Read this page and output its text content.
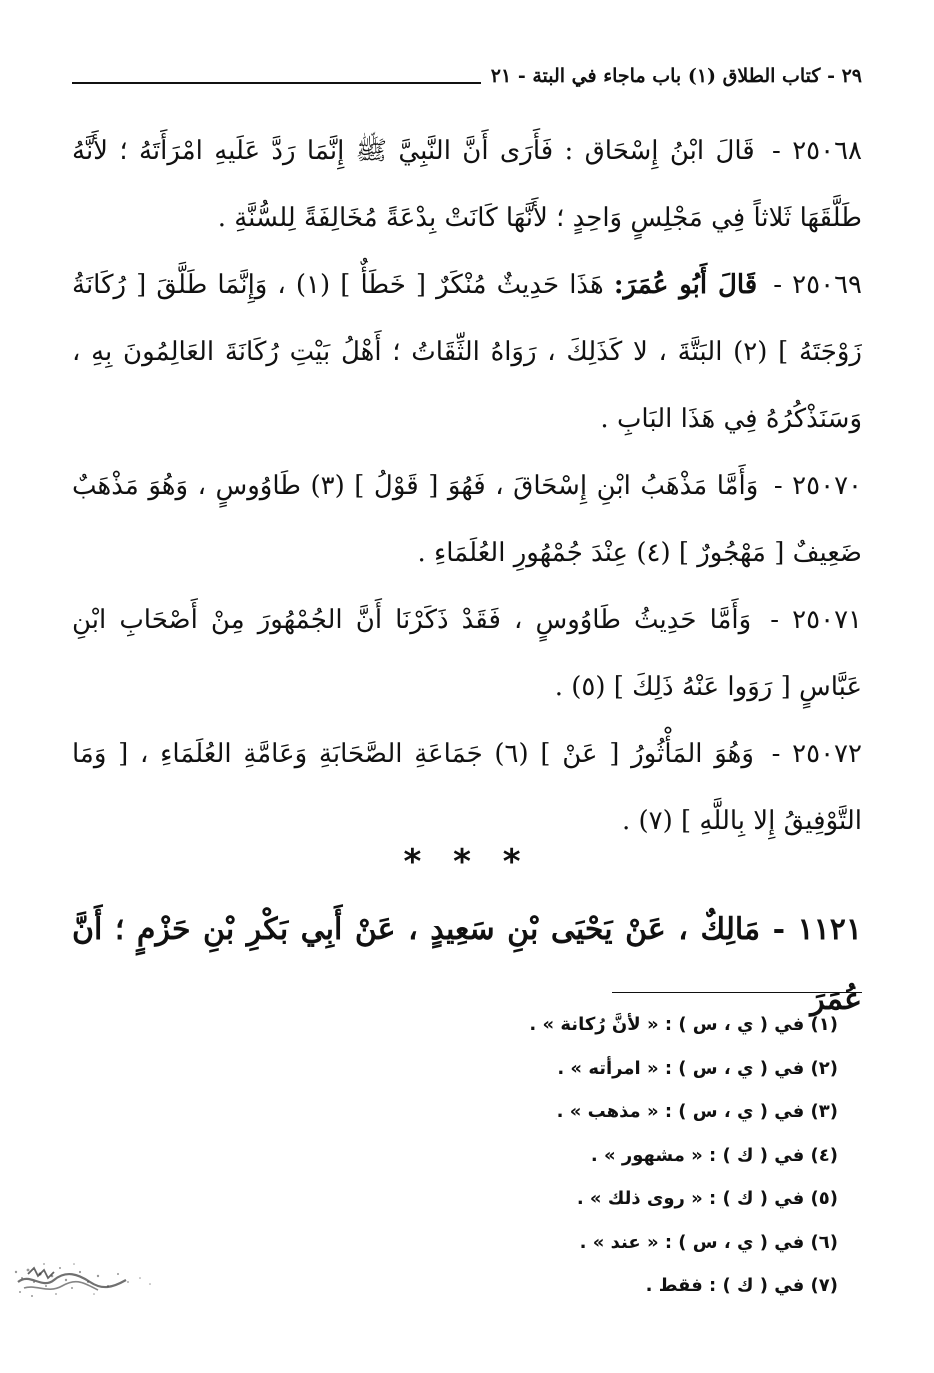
٢٩ - كتاب الطلاق (١) باب ماجاء في البتة - ٢١

٢٥٠٦٨ - قَالَ ابْنُ إِسْحَاق : فَأَرَى أَنَّ النَّبِيَّ ﷺ إِنَّمَا رَدَّ عَلَيهِ امْرَأَتَهُ ؛ لأَنَّهُ طَلَّقَهَا ثَلاثاً فِي مَجْلِسٍ وَاحِدٍ ؛ لأَنَّهَا كَانَتْ بِدْعَةً مُخَالِفَةً لِلسُّنَّةِ .

٢٥٠٦٩ - قَالَ أَبُو عُمَرَ: هَذَا حَدِيثٌ مُنْكَرٌ [ خَطَأٌ ] (١) ، وَإِنَّمَا طَلَّقَ [ رُكَانَةُ زَوْجَتَهُ ] (٢) البَتَّةَ ، لا كَذَلِكَ ، رَوَاهُ الثِّقَاتُ ؛ أَهْلُ بَيْتِ رُكَانَةَ العَالِمُونَ بِهِ ، وَسَنَذْكُرُهُ فِي هَذَا البَابِ .

٢٥٠٧٠ - وَأَمَّا مَذْهَبُ ابْنِ إِسْحَاقَ ، فَهُوَ [ قَوْلُ ] (٣) طَاوُوسٍ ، وَهُوَ مَذْهَبٌ ضَعِيفٌ [ مَهْجُورٌ ] (٤) عِنْدَ جُمْهُورِ العُلَمَاءِ .

٢٥٠٧١ - وَأَمَّا حَدِيثُ طَاوُوسٍ ، فَقَدْ ذَكَرْنَا أَنَّ الجُمْهُورَ مِنْ أَصْحَابِ ابْنِ عَبَّاسٍ [ رَوَوا عَنْهُ ذَلِكَ ] (٥) .

٢٥٠٧٢ - وَهُوَ المَأْثُورُ [ عَنْ ] (٦) جَمَاعَةِ الصَّحَابَةِ وَعَامَّةِ العُلَمَاءِ ، [ وَمَا التَّوْفِيقُ إِلا بِاللَّهِ ] (٧) .

* * *
١١٢١ - مَالِكٌ ، عَنْ يَحْيَى بْنِ سَعِيدٍ ، عَنْ أَبِي بَكْرِ بْنِ حَزْمٍ ؛ أَنَّ عُمَرَ
(١) في ( ي ، س ) : « لأنَّ رُكانة » .
(٢) في ( ي ، س ) : « امرأته » .
(٣) في ( ي ، س ) : « مذهب » .
(٤) في ( ك ) : « مشهور » .
(٥) في ( ك ) : « روى ذلك » .
(٦) في ( ي ، س ) : « عند » .
(٧) في ( ك ) : فقط .
